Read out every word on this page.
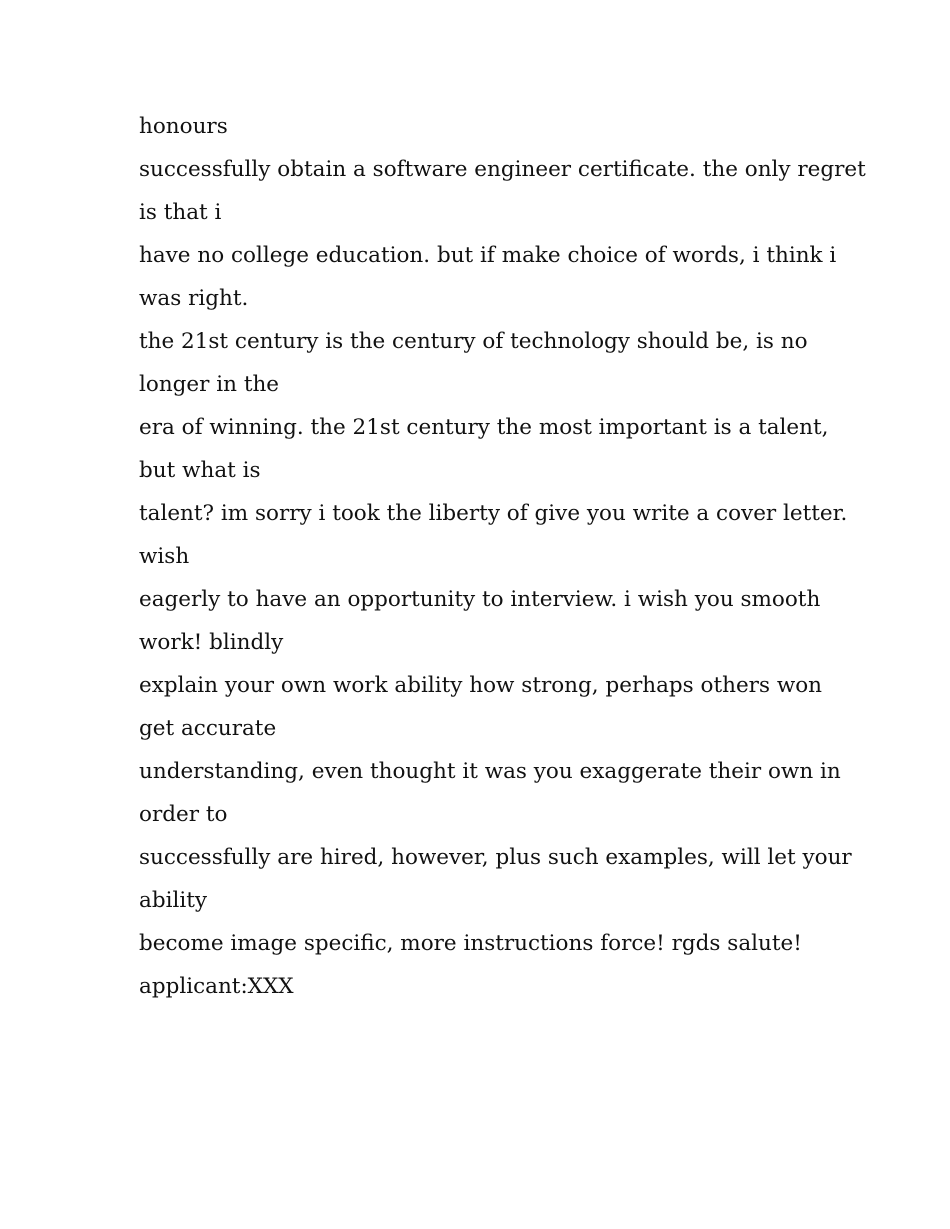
honours

successfully obtain a software engineer certificate. the only regret

is that i

have no college education. but if make choice of words, i think i

was right.

the 21st century is the century of technology should be, is no

longer in the

era of winning. the 21st century the most important is a talent,

but what is

talent? im sorry i took the liberty of give you write a cover letter.

wish

eagerly to have an opportunity to interview. i wish you smooth

work! blindly

explain your own work ability how strong, perhaps others won

get accurate

understanding, even thought it was you exaggerate their own in

order to

successfully are hired, however, plus such examples, will let your

ability

become image specific, more instructions force! rgds salute!

applicant:XXX
